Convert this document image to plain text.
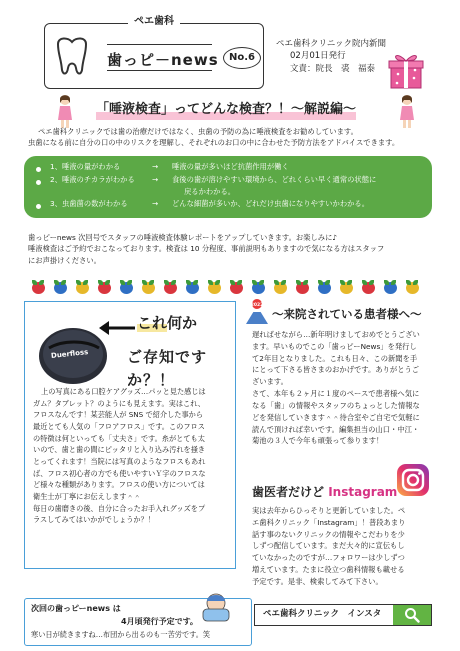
ペエ歯科
歯っピ－news	No.6
ペエ歯科クリニック院内新聞
02月01日発行
文責：院長　裘　福泰
「唾液検査」ってどんな検査？！～解説編～
ペエ歯科クリニックでは歯の治療だけではなく、虫歯の予防の為に唾液検査をお勧めしています。
虫歯になる前に自分の口の中のリスクを理解し、それぞれのお口の中に合わせた予防方法をアドバイスできます。
1、唾液の量がわかる	→ 唾液の量が多いほど抗菌作用が働く
2、唾液のチカラがわかる → 食後の歯が溶けやすい環境から、どれくらい早く通常の状態に
戻るかわかる。
3、虫歯菌の数がわかる	→ どんな細菌が多いか、どれだけ虫歯になりやすいかわかる。
歯っピーnews 次回号でスタッフの唾液検査体験レポートをアップしていきます。お楽しみに♪
唾液検査はご予約でおこなっております。検査は 10 分程度、事前説明もありますので気になる方はスタッフ
にお声掛けください。
Duerfloss
これ何か
ご存知ですか？！
上の写真にある口腔ケアグッズ…パッと見た感じは
ガム？タブレット？のようにも見えます。実はこれ、
フロスなんです！某芸能人が SNS で紹介した事から
最近とても人気の「フロアフロス」です。このフロス
の特徴は何といっても「丈夫さ」です。糸がとても太
いので、歯と歯の間にピッタリと入り込み汚れを掻き
とってくれます！当院には写真のようなフロスもあれ
ば、フロス初心者の方でも使いやすいＹ字のフロスな
ど様々な種類があります。フロスの使い方については
衛生士が丁寧にお伝えします＾＾
毎日の歯磨きの後、自分に合ったお手入れグッズをプ
ラスしてみてはいかがでしょうか？！
次回の歯っピーnews は
4月頃発行予定です。
寒い日が続きますね…布団から出るのも一苦労です。笑
2022
～来院されている患者様へ～
遅ればせながら…新年明けましておめでとうござい
ます。早いものでこの「歯っピーNews」を発行し
て2年目となりました。これも日々、この新聞を手
にとって下さる皆さまのおかげです。ありがとうご
ざいます。
さて、本年も２ヶ月に１度のペースで患者様へ気に
なる「歯」の情報やスタッフのちょっとした情報な
どを発信していきます＾＾待合室やご自宅で気軽に
読んで頂ければ幸いです。編集担当の山口・中江・
菊池の３人で今年も頑張って参ります！
歯医者だけど Instagram
実は去年からひっそりと更新していました。ペ
エ歯科クリニック「Instagram」！普段あまり
話す事のないクリニックの情報やこだわりを少
しずつ配信しています。まだ大々的に宣伝もし
ていなかったのですが…フォロワーは少しずつ
増えています。たまに役立つ歯科情報も載せる
予定です。是非、検索してみて下さい。
ペエ歯科クリニック　インスタ
